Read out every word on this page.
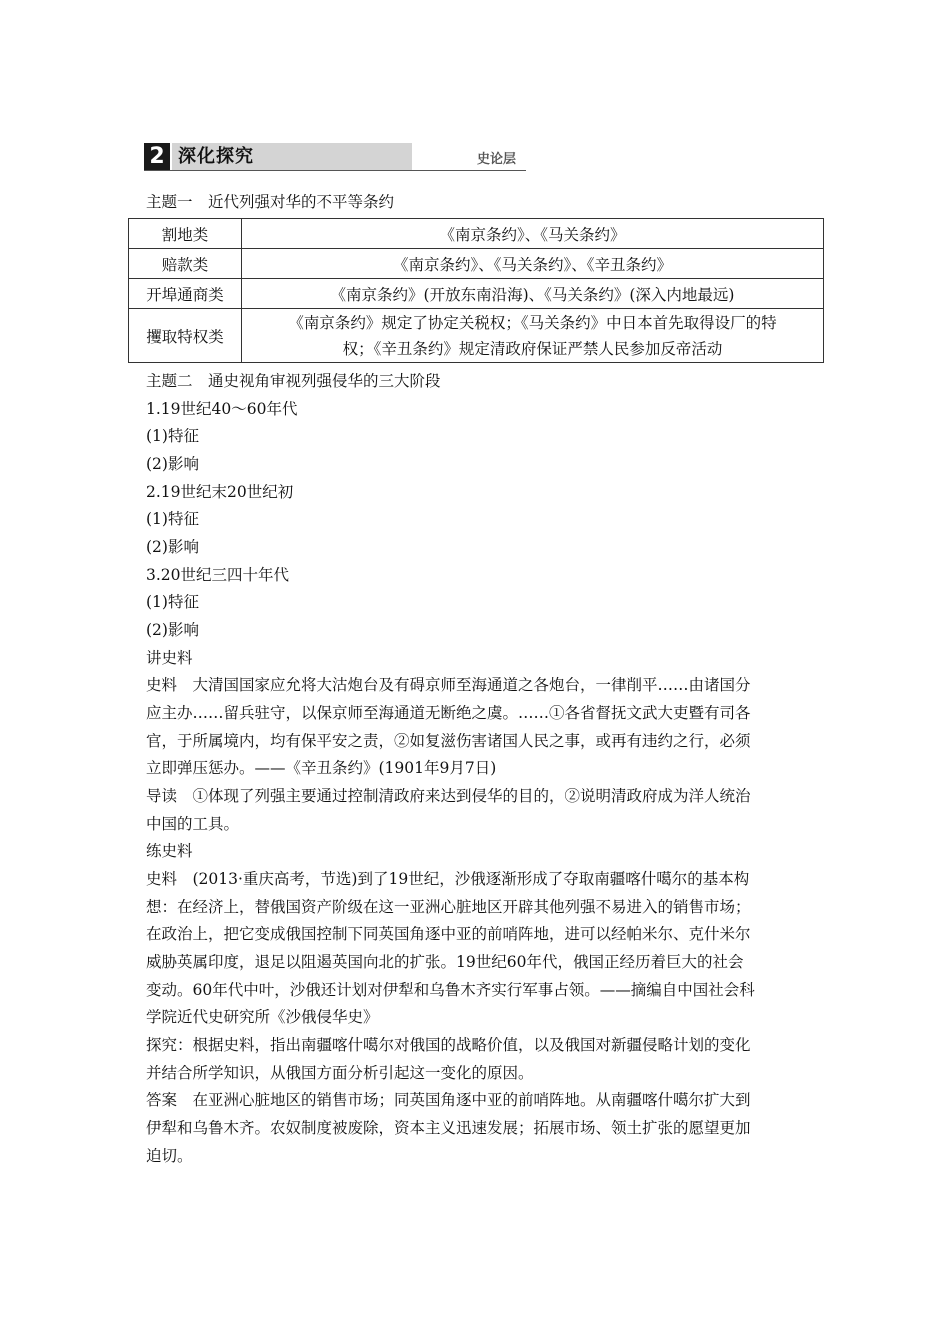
2 深化探究	史论层
主题一　近代列强对华的不平等条约
割地类	《南京条约》、《马关条约》
赔款类	《南京条约》、《马关条约》、《辛丑条约》
开埠通商类	《南京条约》(开放东南沿海)、《马关条约》(深入内地最远)
攫取特权类	《南京条约》规定了协定关税权；《马关条约》中日本首先取得设厂的特
权；《辛丑条约》规定清政府保证严禁人民参加反帝活动
主题二　通史视角审视列强侵华的三大阶段
1.19世纪40～60年代
(1)特征
(2)影响
2.19世纪末20世纪初
(1)特征
(2)影响
3.20世纪三四十年代
(1)特征
(2)影响
讲史料
史料　大清国国家应允将大沽炮台及有碍京师至海通道之各炮台，一律削平……由诸国分
应主办……留兵驻守，以保京师至海通道无断绝之虞。……①各省督抚文武大吏暨有司各
官，于所属境内，均有保平安之责，②如复滋伤害诸国人民之事，或再有违约之行，必须
立即弹压惩办。——《辛丑条约》(1901年9月7日)
导读　①体现了列强主要通过控制清政府来达到侵华的目的，②说明清政府成为洋人统治
中国的工具。
练史料
史料　(2013·重庆高考，节选)到了19世纪，沙俄逐渐形成了夺取南疆喀什噶尔的基本构
想：在经济上，替俄国资产阶级在这一亚洲心脏地区开辟其他列强不易进入的销售市场；
在政治上，把它变成俄国控制下同英国角逐中亚的前哨阵地，进可以经帕米尔、克什米尔
威胁英属印度，退足以阻遏英国向北的扩张。19世纪60年代，俄国正经历着巨大的社会
变动。60年代中叶，沙俄还计划对伊犁和乌鲁木齐实行军事占领。——摘编自中国社会科
学院近代史研究所《沙俄侵华史》
探究：根据史料，指出南疆喀什噶尔对俄国的战略价值，以及俄国对新疆侵略计划的变化
并结合所学知识，从俄国方面分析引起这一变化的原因。
答案　在亚洲心脏地区的销售市场；同英国角逐中亚的前哨阵地。从南疆喀什噶尔扩大到
伊犁和乌鲁木齐。农奴制度被废除，资本主义迅速发展；拓展市场、领土扩张的愿望更加
迫切。
